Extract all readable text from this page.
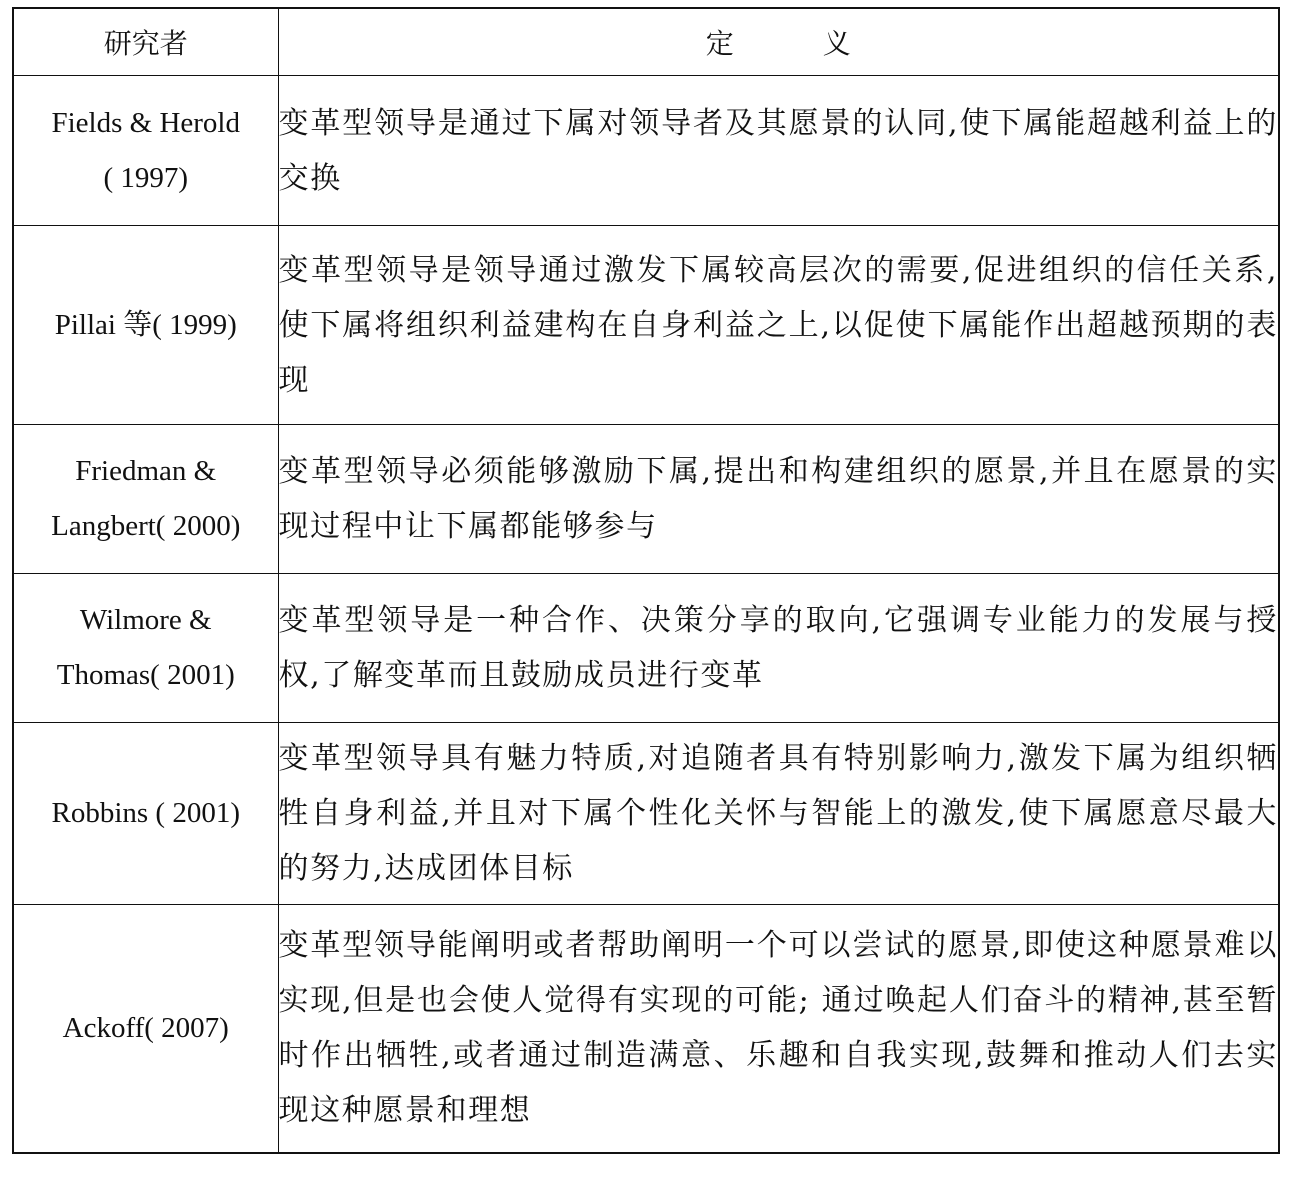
研究者	定 义
Fields & Herold
( 1997)	变革型领导是通过下属对领导者及其愿景的认同,使下属能超越利益上的交换
Pillai 等( 1999)	变革型领导是领导通过激发下属较高层次的需要,促进组织的信任关系,使下属将组织利益建构在自身利益之上,以促使下属能作出超越预期的表现
Friedman &
Langbert( 2000)	变革型领导必须能够激励下属,提出和构建组织的愿景,并且在愿景的实现过程中让下属都能够参与
Wilmore &
Thomas( 2001)	变革型领导是一种合作、决策分享的取向,它强调专业能力的发展与授权,了解变革而且鼓励成员进行变革
Robbins ( 2001)	变革型领导具有魅力特质,对追随者具有特别影响力,激发下属为组织牺牲自身利益,并且对下属个性化关怀与智能上的激发,使下属愿意尽最大的努力,达成团体目标
Ackoff( 2007)	变革型领导能阐明或者帮助阐明一个可以尝试的愿景,即使这种愿景难以实现,但是也会使人觉得有实现的可能; 通过唤起人们奋斗的精神,甚至暂时作出牺牲,或者通过制造满意、乐趣和自我实现,鼓舞和推动人们去实现这种愿景和理想
